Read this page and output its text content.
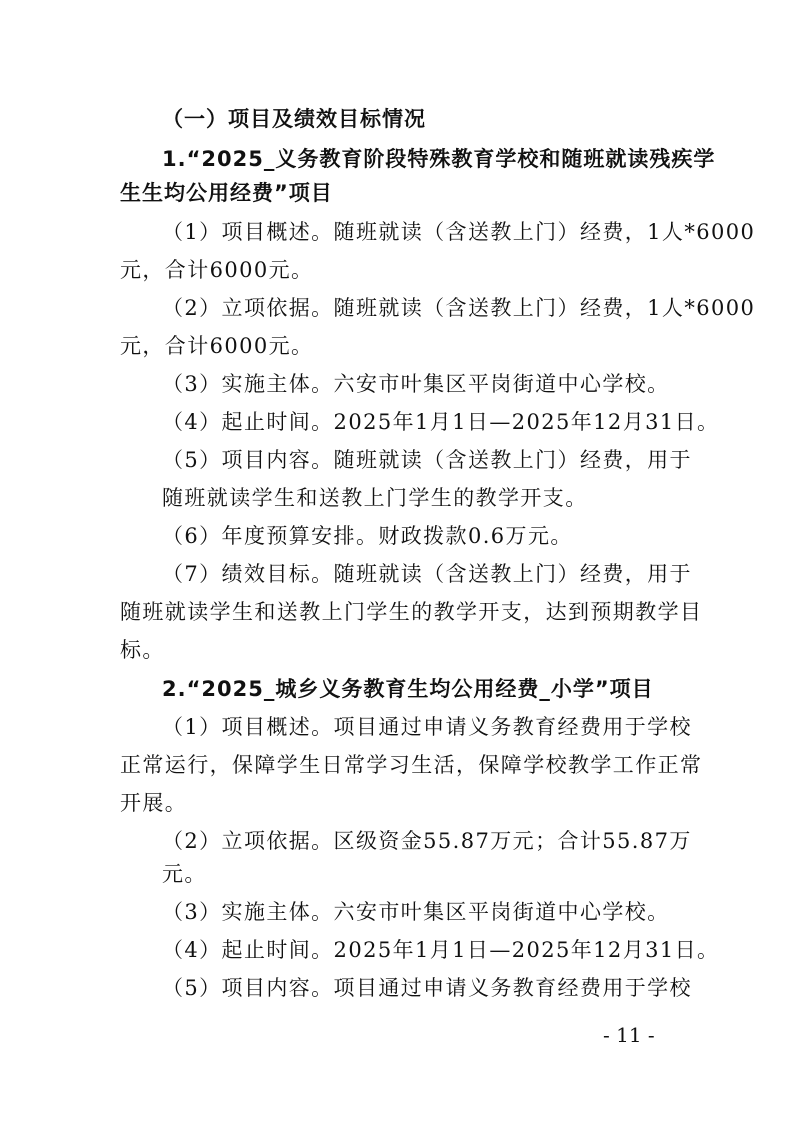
（一）项目及绩效目标情况
1.“2025_义务教育阶段特殊教育学校和随班就读残疾学
生生均公用经费”项目
（1）项目概述。随班就读（含送教上门）经费，1人*6000
元，合计6000元。
（2）立项依据。随班就读（含送教上门）经费，1人*6000
元，合计6000元。
（3）实施主体。六安市叶集区平岗街道中心学校。
（4）起止时间。2025年1月1日—2025年12月31日。
（5）项目内容。随班就读（含送教上门）经费，用于
随班就读学生和送教上门学生的教学开支。
（6）年度预算安排。财政拨款0.6万元。
（7）绩效目标。随班就读（含送教上门）经费，用于
随班就读学生和送教上门学生的教学开支，达到预期教学目
标。
2.“2025_城乡义务教育生均公用经费_小学”项目
（1）项目概述。项目通过申请义务教育经费用于学校
正常运行，保障学生日常学习生活，保障学校教学工作正常
开展。
（2）立项依据。区级资金55.87万元；合计55.87万
元。
（3）实施主体。六安市叶集区平岗街道中心学校。
（4）起止时间。2025年1月1日—2025年12月31日。
（5）项目内容。项目通过申请义务教育经费用于学校
- 11 -
